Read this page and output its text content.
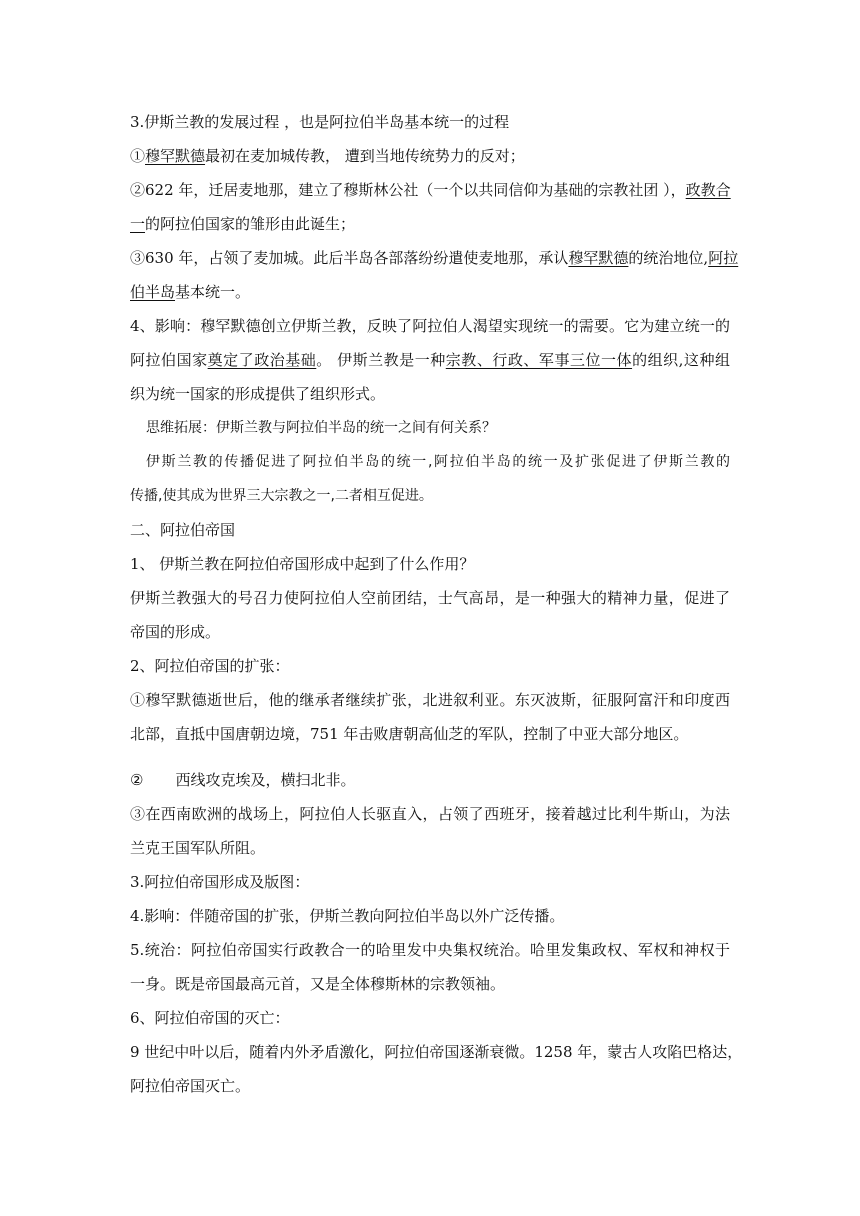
3.伊斯兰教的发展过程 ，也是阿拉伯半岛基本统一的过程
①穆罕默德最初在麦加城传教， 遭到当地传统势力的反对；
②622 年，迁居麦地那，建立了穆斯林公社（一个以共同信仰为基础的宗教社团 ），政教合
一的阿拉伯国家的雏形由此诞生；
③630 年，占领了麦加城。此后半岛各部落纷纷遣使麦地那，承认穆罕默德的统治地位,阿拉
伯半岛基本统一。
4、影响：穆罕默德创立伊斯兰教，反映了阿拉伯人渴望实现统一的需要。它为建立统一的
阿拉伯国家奠定了政治基础。 伊斯兰教是一种宗教、行政、军事三位一体的组织,这种组
织为统一国家的形成提供了组织形式。
思维拓展：伊斯兰教与阿拉伯半岛的统一之间有何关系？
伊斯兰教的传播促进了阿拉伯半岛的统一,阿拉伯半岛的统一及扩张促进了伊斯兰教的
传播,使其成为世界三大宗教之一,二者相互促进。
二、阿拉伯帝国
1、 伊斯兰教在阿拉伯帝国形成中起到了什么作用？
伊斯兰教强大的号召力使阿拉伯人空前团结，士气高昂，是一种强大的精神力量，促进了
帝国的形成。
2、阿拉伯帝国的扩张：
①穆罕默德逝世后，他的继承者继续扩张，北进叙利亚。东灭波斯，征服阿富汗和印度西
北部，直抵中国唐朝边境，751 年击败唐朝高仙芝的军队，控制了中亚大部分地区。
② 西线攻克埃及，横扫北非。
③在西南欧洲的战场上，阿拉伯人长驱直入，占领了西班牙，接着越过比利牛斯山，为法
兰克王国军队所阻。
3.阿拉伯帝国形成及版图：
4.影响：伴随帝国的扩张，伊斯兰教向阿拉伯半岛以外广泛传播。
5.统治：阿拉伯帝国实行政教合一的哈里发中央集权统治。哈里发集政权、军权和神权于
一身。既是帝国最高元首，又是全体穆斯林的宗教领袖。
6、阿拉伯帝国的灭亡：
9 世纪中叶以后，随着内外矛盾激化，阿拉伯帝国逐渐衰微。1258 年，蒙古人攻陷巴格达，
阿拉伯帝国灭亡。
